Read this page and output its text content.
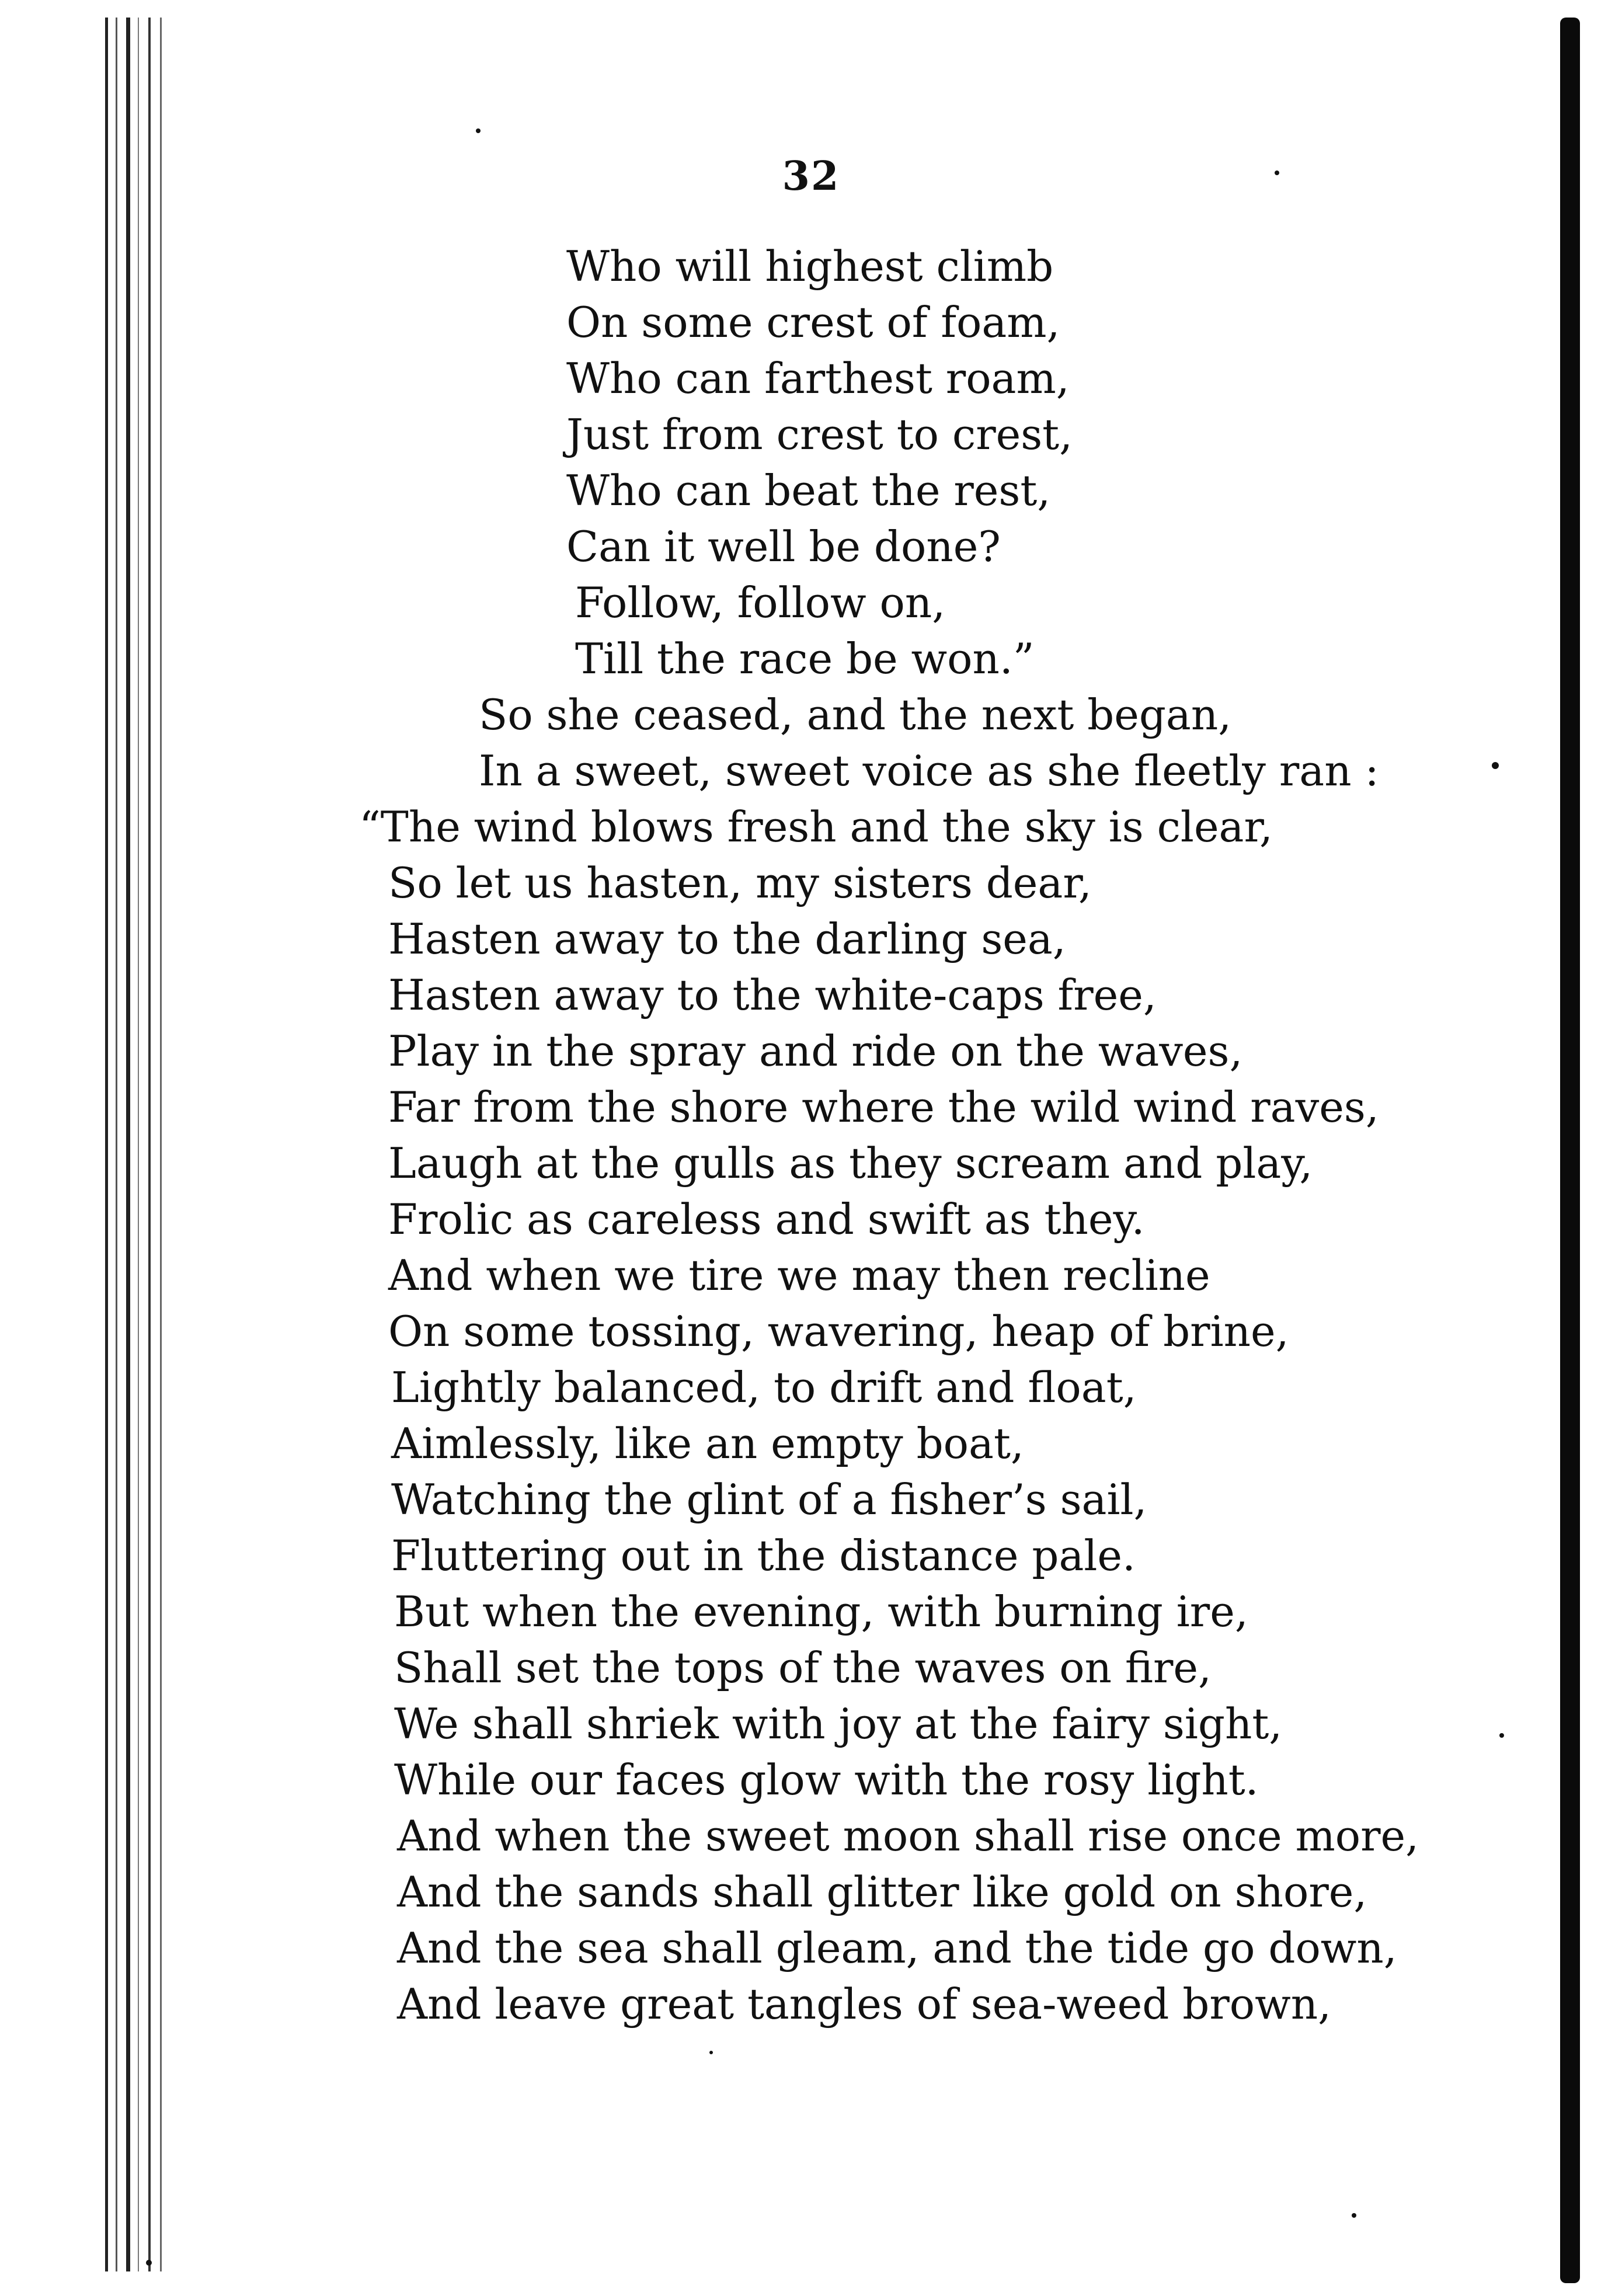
32
Who will highest climb
On some crest of foam,
Who can farthest roam,
Just from crest to crest,
Who can beat the rest,
Can it well be done?
Follow, follow on,
Till the race be won.”
So she ceased, and the next began,
In a sweet, sweet voice as she fleetly ran :
“The wind blows fresh and the sky is clear,
So let us hasten, my sisters dear,
Hasten away to the darling sea,
Hasten away to the white-caps free,
Play in the spray and ride on the waves,
Far from the shore where the wild wind raves,
Laugh at the gulls as they scream and play,
Frolic as careless and swift as they.
And when we tire we may then recline
On some tossing, wavering, heap of brine,
Lightly balanced, to drift and float,
Aimlessly, like an empty boat,
Watching the glint of a fisher’s sail,
Fluttering out in the distance pale.
But when the evening, with burning ire,
Shall set the tops of the waves on fire,
We shall shriek with joy at the fairy sight,
While our faces glow with the rosy light.
And when the sweet moon shall rise once more,
And the sands shall glitter like gold on shore,
And the sea shall gleam, and the tide go down,
And leave great tangles of sea-weed brown,
